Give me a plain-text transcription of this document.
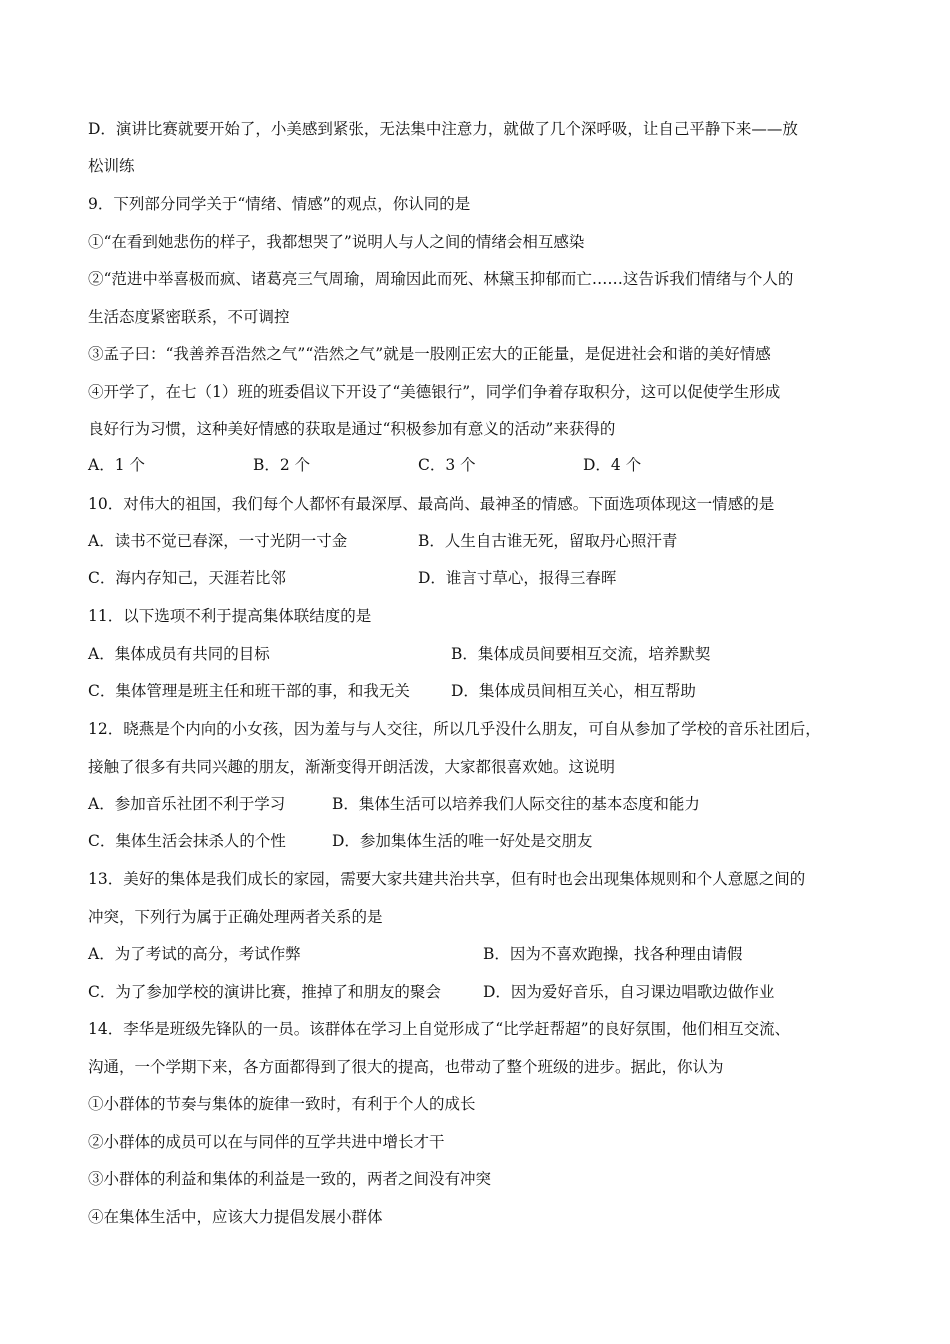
D．演讲比赛就要开始了，小美感到紧张，无法集中注意力，就做了几个深呼吸，让自己平静下来——放
松训练
9．下列部分同学关于“情绪、情感”的观点，你认同的是
①“在看到她悲伤的样子，我都想哭了”说明人与人之间的情绪会相互感染
②“范进中举喜极而疯、诸葛亮三气周瑜，周瑜因此而死、林黛玉抑郁而亡……这告诉我们情绪与个人的
生活态度紧密联系，不可调控
③孟子曰：“我善养吾浩然之气”“浩然之气”就是一股刚正宏大的正能量，是促进社会和谐的美好情感
④开学了，在七（1）班的班委倡议下开设了“美德银行”，同学们争着存取积分，这可以促使学生形成
良好行为习惯，这种美好情感的获取是通过“积极参加有意义的活动”来获得的
A．1 个	B．2 个	C．3 个	D．4 个
10．对伟大的祖国，我们每个人都怀有最深厚、最高尚、最神圣的情感。下面选项体现这一情感的是
A．读书不觉已春深，一寸光阴一寸金	B．人生自古谁无死，留取丹心照汗青
C．海内存知己，天涯若比邻	D．谁言寸草心，报得三春晖
11．以下选项不利于提高集体联结度的是
A．集体成员有共同的目标	B．集体成员间要相互交流，培养默契
C．集体管理是班主任和班干部的事，和我无关	D．集体成员间相互关心，相互帮助
12．晓燕是个内向的小女孩，因为羞与与人交往，所以几乎没什么朋友，可自从参加了学校的音乐社团后，
接触了很多有共同兴趣的朋友，渐渐变得开朗活泼，大家都很喜欢她。这说明
A．参加音乐社团不利于学习	B．集体生活可以培养我们人际交往的基本态度和能力
C．集体生活会抹杀人的个性	D．参加集体生活的唯一好处是交朋友
13．美好的集体是我们成长的家园，需要大家共建共治共享，但有时也会出现集体规则和个人意愿之间的
冲突，下列行为属于正确处理两者关系的是
A．为了考试的高分，考试作弊	B．因为不喜欢跑操，找各种理由请假
C．为了参加学校的演讲比赛，推掉了和朋友的聚会	D．因为爱好音乐，自习课边唱歌边做作业
14．李华是班级先锋队的一员。该群体在学习上自觉形成了“比学赶帮超”的良好氛围，他们相互交流、
沟通，一个学期下来，各方面都得到了很大的提高，也带动了整个班级的进步。据此，你认为
①小群体的节奏与集体的旋律一致时，有利于个人的成长
②小群体的成员可以在与同伴的互学共进中增长才干
③小群体的利益和集体的利益是一致的，两者之间没有冲突
④在集体生活中，应该大力提倡发展小群体
